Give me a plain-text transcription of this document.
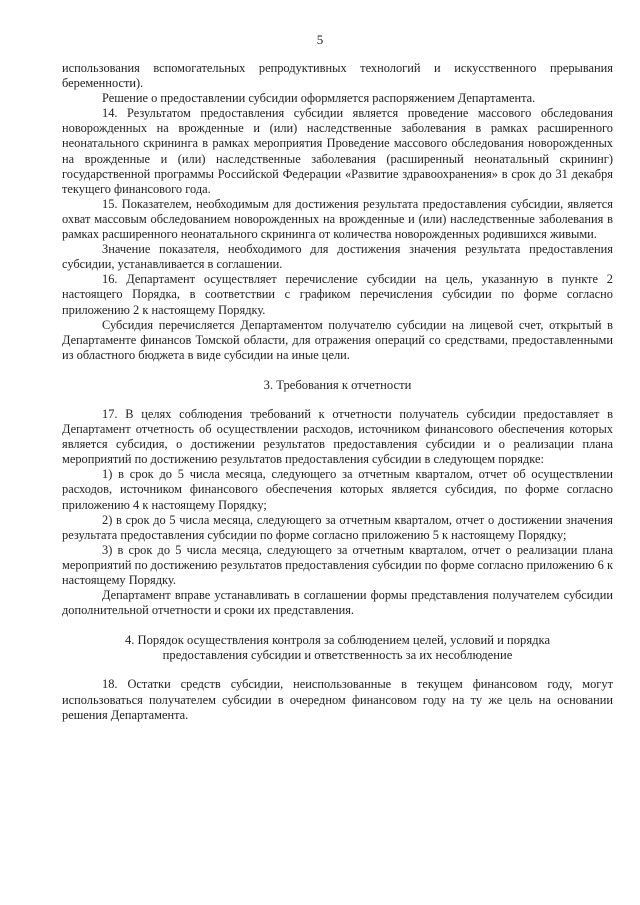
5

использования вспомогательных репродуктивных технологий и искусственного прерывания беременности).

Решение о предоставлении субсидии оформляется распоряжением Департамента.

14. Результатом предоставления субсидии является проведение массового обследования новорожденных на врожденные и (или) наследственные заболевания в рамках расширенного неонатального скрининга в рамках мероприятия Проведение массового обследования новорожденных на врожденные и (или) наследственные заболевания (расширенный неонатальный скрининг) государственной программы Российской Федерации «Развитие здравоохранения» в срок до 31 декабря текущего финансового года.

15. Показателем, необходимым для достижения результата предоставления субсидии, является охват массовым обследованием новорожденных на врожденные и (или) наследственные заболевания в рамках расширенного неонатального скрининга от количества новорожденных родившихся живыми.

Значение показателя, необходимого для достижения значения результата предоставления субсидии, устанавливается в соглашении.

16. Департамент осуществляет перечисление субсидии на цель, указанную в пункте 2 настоящего Порядка, в соответствии с графиком перечисления субсидии по форме согласно приложению 2 к настоящему Порядку.

Субсидия перечисляется Департаментом получателю субсидии на лицевой счет, открытый в Департаменте финансов Томской области, для отражения операций со средствами, предоставленными из областного бюджета в виде субсидии на иные цели.

3. Требования к отчетности

17. В целях соблюдения требований к отчетности получатель субсидии предоставляет в Департамент отчетность об осуществлении расходов, источником финансового обеспечения которых является субсидия, о достижении результатов предоставления субсидии и о реализации плана мероприятий по достижению результатов предоставления субсидии в следующем порядке:

1) в срок до 5 числа месяца, следующего за отчетным кварталом, отчет об осуществлении расходов, источником финансового обеспечения которых является субсидия, по форме согласно приложению 4 к настоящему Порядку;

2) в срок до 5 числа месяца, следующего за отчетным кварталом, отчет о достижении значения результата предоставления субсидии по форме согласно приложению 5 к настоящему Порядку;

3) в срок до 5 числа месяца, следующего за отчетным кварталом, отчет о реализации плана мероприятий по достижению результатов предоставления субсидии по форме согласно приложению 6 к настоящему Порядку.

Департамент вправе устанавливать в соглашении формы представления получателем субсидии дополнительной отчетности и сроки их представления.

4. Порядок осуществления контроля за соблюдением целей, условий и порядка
предоставления субсидии и ответственность за их несоблюдение

18. Остатки средств субсидии, неиспользованные в текущем финансовом году, могут использоваться получателем субсидии в очередном финансовом году на ту же цель на основании решения Департамента.
